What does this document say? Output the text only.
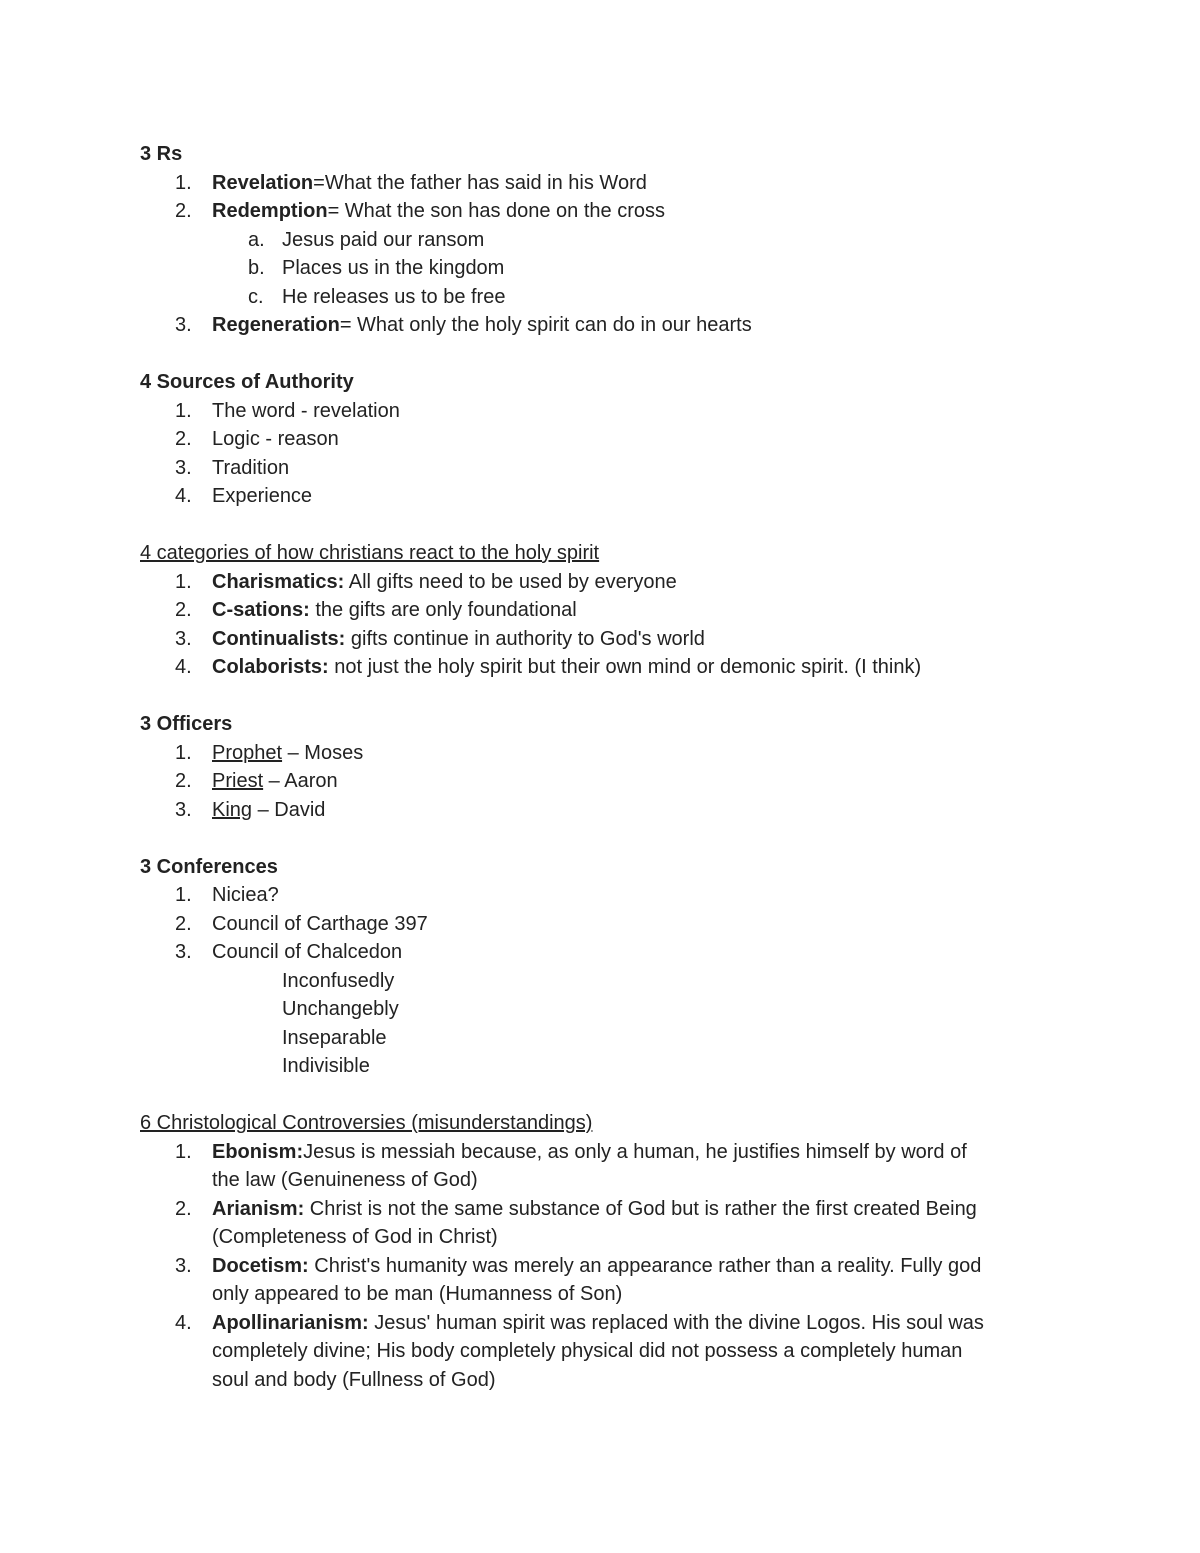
3 Rs
1. Revelation=What the father has said in his Word
2. Redemption= What the son has done on the cross
a. Jesus paid our ransom
b. Places us in the kingdom
c. He releases us to be free
3. Regeneration= What only the holy spirit can do in our hearts
4 Sources of Authority
1. The word - revelation
2. Logic - reason
3. Tradition
4. Experience
4 categories of how christians react to the holy spirit
1. Charismatics: All gifts need to be used by everyone
2. C-sations: the gifts are only foundational
3. Continualists: gifts continue in authority to God's world
4. Colaborists: not just the holy spirit but their own mind or demonic spirit. (I think)
3 Officers
1. Prophet – Moses
2. Priest – Aaron
3. King – David
3 Conferences
1. Niciea?
2. Council of Carthage 397
3. Council of Chalcedon
Inconfusedly
Unchangebly
Inseparable
Indivisible
6 Christological Controversies (misunderstandings)
1. Ebonism:Jesus is messiah because, as only a human, he justifies himself by word of
the law (Genuineness of God)
2. Arianism: Christ is not the same substance of God but is rather the first created Being
(Completeness of God in Christ)
3. Docetism: Christ's humanity was merely an appearance rather than a reality. Fully god
only appeared to be man (Humanness of Son)
4. Apollinarianism: Jesus' human spirit was replaced with the divine Logos. His soul was
completely divine; His body completely physical did not possess a completely human
soul and body (Fullness of God)
